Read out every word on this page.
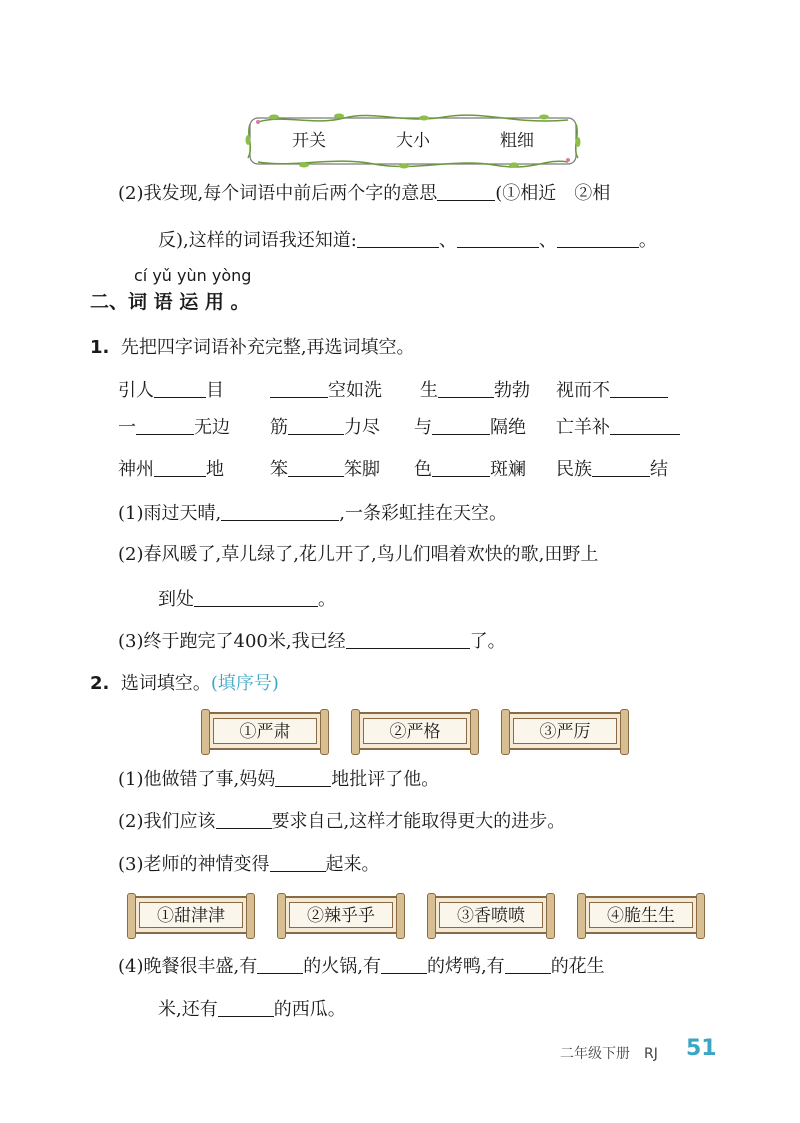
开关	大小	粗细
(2)我发现,每个词语中前后两个字的意思	(①相近　②相
反),这样的词语我还知道:	、	、	。
cí yǔ yùn yòng
二、词 语 运 用 。
1. 先把四字词语补充完整,再选词填空。
引人	目	空如洗 生	勃勃 视而不
一	无边 筋	力尽 与	隔绝 亡羊补
神州	地	笨	笨脚 色	斑斓 民族	结
(1)雨过天晴,	,一条彩虹挂在天空。
(2)春风暖了,草儿绿了,花儿开了,鸟儿们唱着欢快的歌,田野上
到处	。
(3)终于跑完了400米,我已经	了。
2. 选词填空。(填序号)
①严肃	②严格	③严厉
(1)他做错了事,妈妈	地批评了他。
(2)我们应该	要求自己,这样才能取得更大的进步。
(3)老师的神情变得	起来。
①甜津津	②辣乎乎	③香喷喷	④脆生生
(4)晚餐很丰盛,有	的火锅,有	的烤鸭,有	的花生
米,还有	的西瓜。
二年级下册　RJ 51
